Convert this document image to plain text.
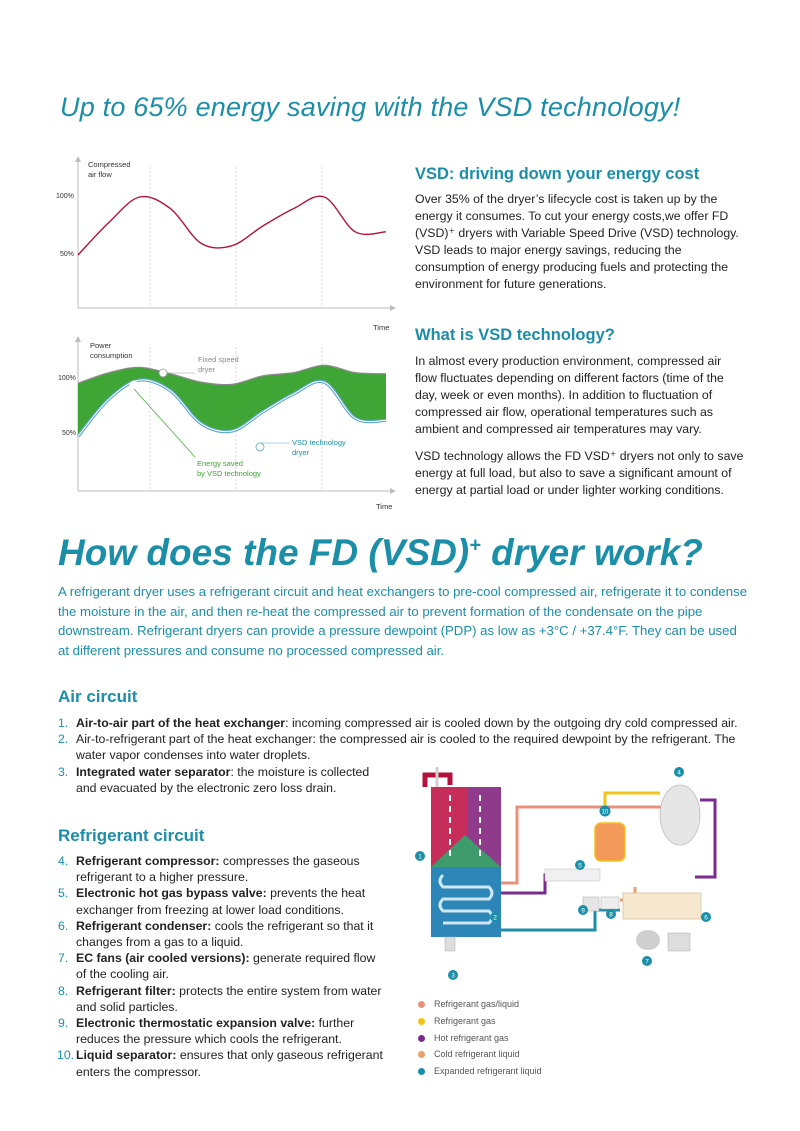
Up to 65% energy saving with the VSD technology!
Compressed
air flow
100%
50%
Time
Power
consumption
100%
50%
Time
Fixed speed
dryer
Energy saved
by VSD technology
VSD technology
dryer
VSD: driving down your energy cost
Over 35% of the dryer’s lifecycle cost is taken up by the energy it consumes. To cut your energy costs,we offer FD (VSD)⁺ dryers with Variable Speed Drive (VSD) technology. VSD leads to major energy savings, reducing the consumption of energy producing fuels and protecting the environment for future generations.
What is VSD technology?
In almost every production environment, compressed air flow fluctuates depending on different factors (time of the day, week or even months). In addition to fluctuation of compressed air flow, operational temperatures such as ambient and compressed air temperatures may vary.
VSD technology allows the FD VSD⁺ dryers not only to save energy at full load, but also to save a significant amount of energy at partial load or under lighter working conditions.
How does the FD (VSD)+ dryer work?
A refrigerant dryer uses a refrigerant circuit and heat exchangers to pre-cool compressed air, refrigerate it to condense the moisture in the air, and then re-heat the compressed air to prevent formation of the condensate on the pipe downstream. Refrigerant dryers can provide a pressure dewpoint (PDP) as low as +3°C / +37.4°F. They can be used at different pressures and consume no processed compressed air.
Air circuit
1. Air-to-air part of the heat exchanger: incoming compressed air is cooled down by the outgoing dry cold compressed air.
2. Air-to-refrigerant part of the heat exchanger: the compressed air is cooled to the required dewpoint by the refrigerant. The water vapor condenses into water droplets.
3. Integrated water separator: the moisture is collected and evacuated by the electronic zero loss drain.
Refrigerant circuit
4. Refrigerant compressor: compresses the gaseous refrigerant to a higher pressure.
5. Electronic hot gas bypass valve: prevents the heat exchanger from freezing at lower load conditions.
6. Refrigerant condenser: cools the refrigerant so that it changes from a gas to a liquid.
7. EC fans (air cooled versions): generate required flow of the cooling air.
8. Refrigerant filter: protects the entire system from water and solid particles.
9. Electronic thermostatic expansion valve: further reduces the pressure which cools the refrigerant.
10. Liquid separator: ensures that only gaseous refrigerant enters the compressor.
1
2
3
4
5
6
7
8
9
10
Refrigerant gas/liquid
Refrigerant gas
Hot refrigerant gas
Cold refrigerant liquid
Expanded refrigerant liquid
